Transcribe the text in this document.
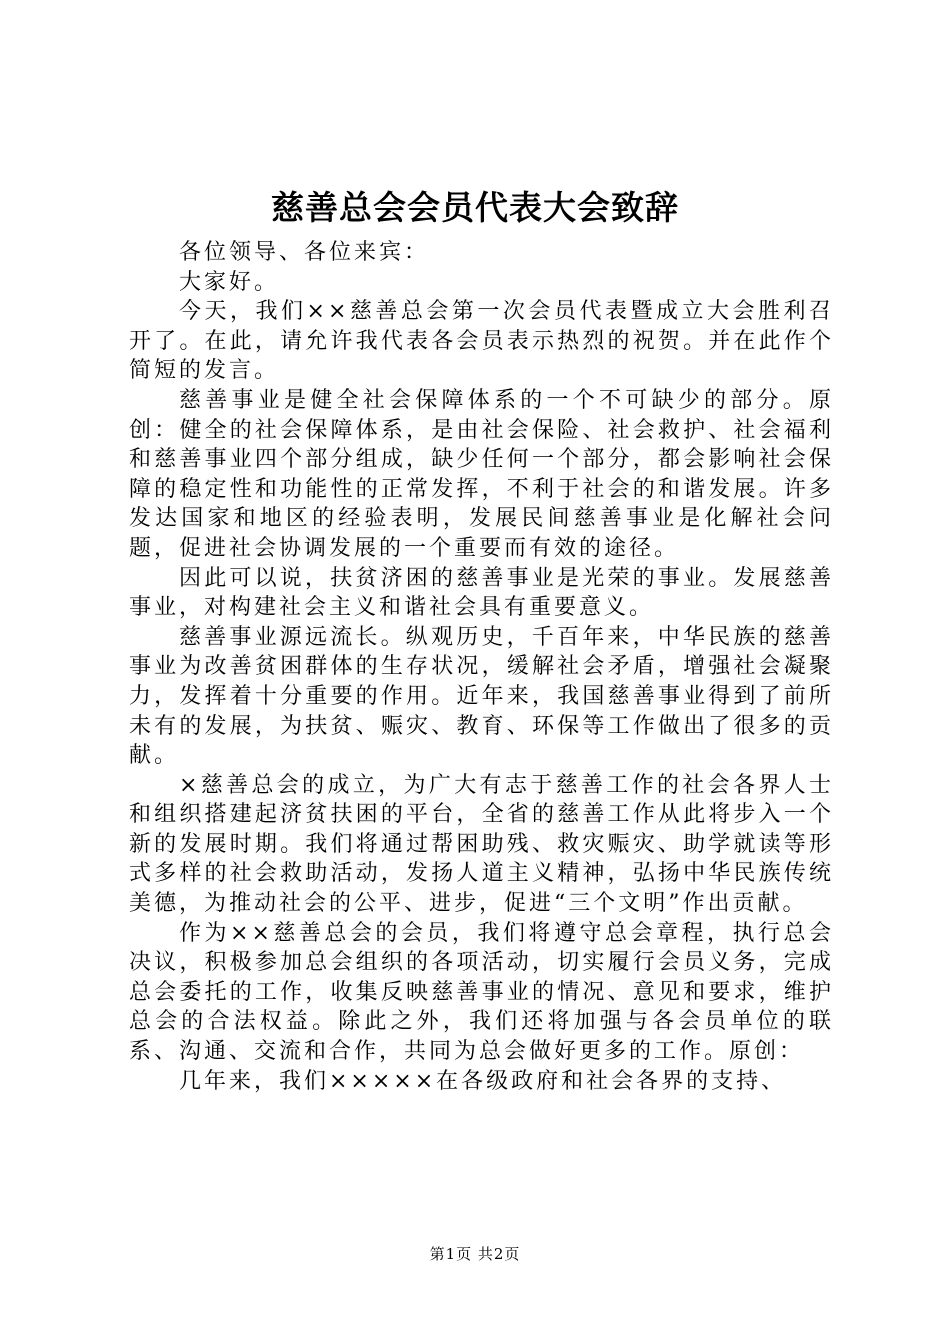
慈善总会会员代表大会致辞

各位领导、各位来宾：

大家好。

今天，我们××慈善总会第一次会员代表暨成立大会胜利召开了。在此，请允许我代表各会员表示热烈的祝贺。并在此作个简短的发言。

慈善事业是健全社会保障体系的一个不可缺少的部分。原创：健全的社会保障体系，是由社会保险、社会救护、社会福利和慈善事业四个部分组成，缺少任何一个部分，都会影响社会保障的稳定性和功能性的正常发挥，不利于社会的和谐发展。许多发达国家和地区的经验表明，发展民间慈善事业是化解社会问题，促进社会协调发展的一个重要而有效的途径。

因此可以说，扶贫济困的慈善事业是光荣的事业。发展慈善事业，对构建社会主义和谐社会具有重要意义。

慈善事业源远流长。纵观历史，千百年来，中华民族的慈善事业为改善贫困群体的生存状况，缓解社会矛盾，增强社会凝聚力，发挥着十分重要的作用。近年来，我国慈善事业得到了前所未有的发展，为扶贫、赈灾、教育、环保等工作做出了很多的贡献。

×慈善总会的成立，为广大有志于慈善工作的社会各界人士和组织搭建起济贫扶困的平台，全省的慈善工作从此将步入一个新的发展时期。我们将通过帮困助残、救灾赈灾、助学就读等形式多样的社会救助活动，发扬人道主义精神，弘扬中华民族传统美德，为推动社会的公平、进步，促进“三个文明”作出贡献。

作为××慈善总会的会员，我们将遵守总会章程，执行总会决议，积极参加总会组织的各项活动，切实履行会员义务，完成总会委托的工作，收集反映慈善事业的情况、意见和要求，维护总会的合法权益。除此之外，我们还将加强与各会员单位的联系、沟通、交流和合作，共同为总会做好更多的工作。原创：

几年来，我们×××××在各级政府和社会各界的支持、

第1页 共2页
